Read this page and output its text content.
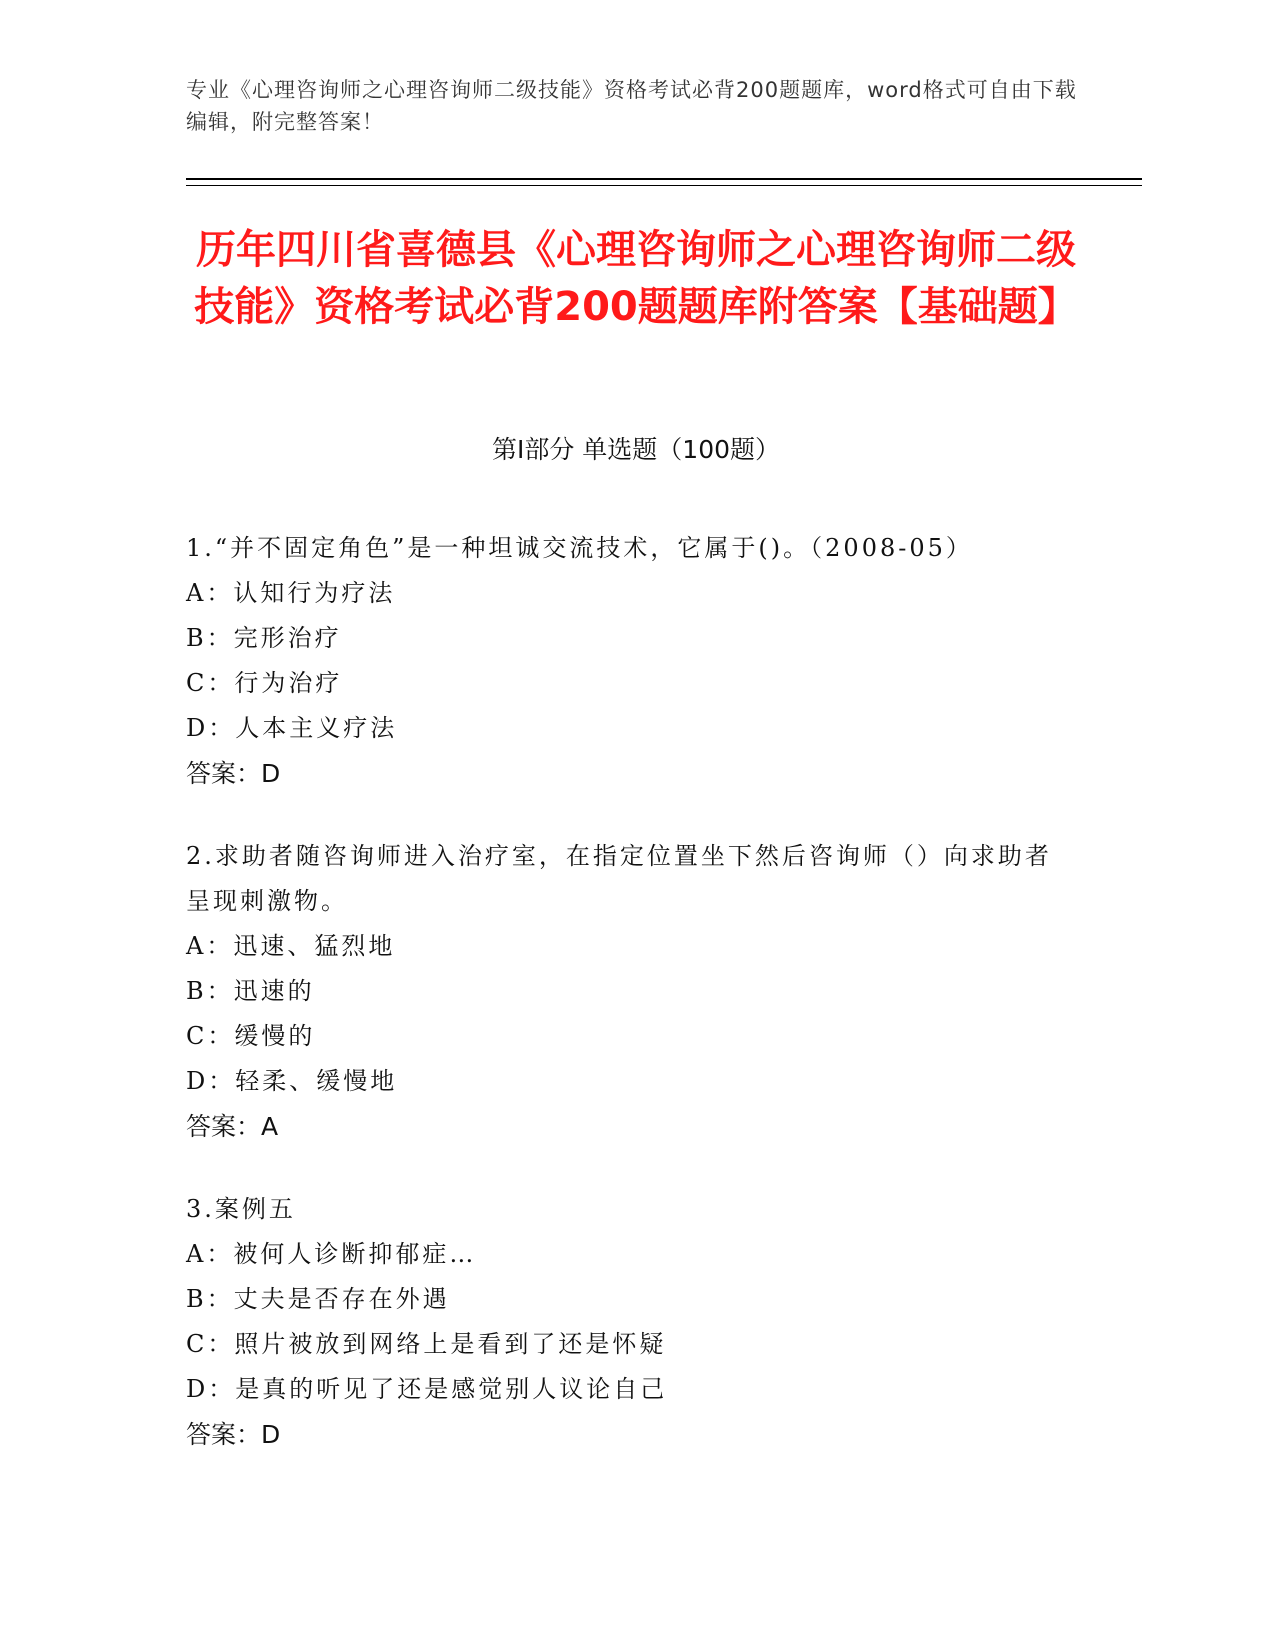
专业《心理咨询师之心理咨询师二级技能》资格考试必背200题题库，word格式可自由下载编辑，附完整答案！
历年四川省喜德县《心理咨询师之心理咨询师二级技能》资格考试必背200题题库附答案【基础题】
第Ⅰ部分 单选题（100题）
1.“并不固定角色”是一种坦诚交流技术，它属于()。（2008-05）
A：认知行为疗法
B：完形治疗
C：行为治疗
D：人本主义疗法
答案：D
2.求助者随咨询师进入治疗室，在指定位置坐下然后咨询师（）向求助者呈现刺激物。
A：迅速、猛烈地
B：迅速的
C：缓慢的
D：轻柔、缓慢地
答案：A
3.案例五
A：被何人诊断抑郁症…
B：丈夫是否存在外遇
C：照片被放到网络上是看到了还是怀疑
D：是真的听见了还是感觉别人议论自己
答案：D
